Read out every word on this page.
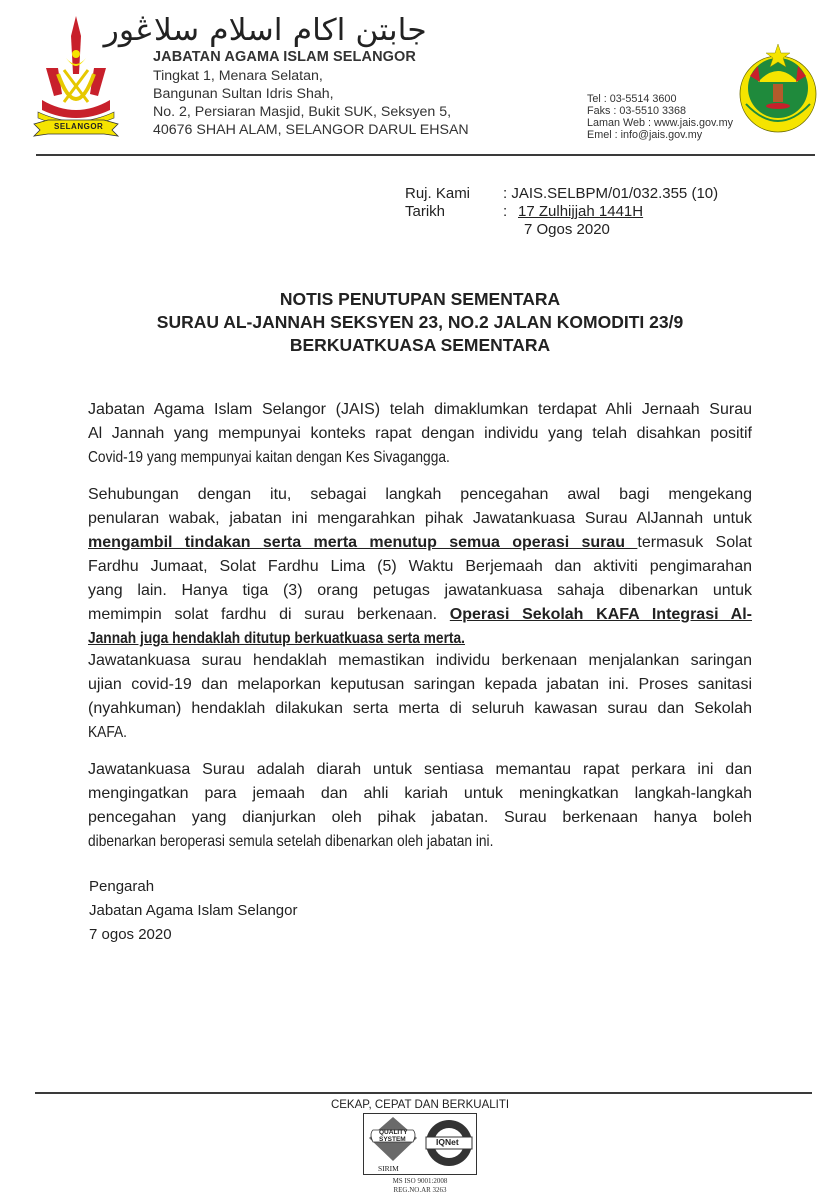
SELANGOR
جابتن اکام اسلام سلاڠور
JABATAN AGAMA ISLAM SELANGOR
Tingkat 1, Menara Selatan,
Bangunan Sultan Idris Shah,
No. 2, Persiaran Masjid, Bukit SUK, Seksyen 5,
40676 SHAH ALAM, SELANGOR DARUL EHSAN
Tel : 03-5514 3600
Faks : 03-5510 3368
Laman Web : www.jais.gov.my
Emel : info@jais.gov.my
Ruj. Kami : JAIS.SELBPM/01/032.355 (10)
Tarikh	: 17 Zulhijjah 1441H
7 Ogos 2020
NOTIS PENUTUPAN SEMENTARA
SURAU AL-JANNAH SEKSYEN 23, NO.2 JALAN KOMODITI 23/9
BERKUATKUASA SEMENTARA
Jabatan Agama Islam Selangor (JAIS) telah dimaklumkan terdapat Ahli Jernaah Surau
Al Jannah yang mempunyai konteks rapat dengan individu yang telah disahkan positif
Covid-19 yang mempunyai kaitan dengan Kes Sivagangga.
Sehubungan dengan itu, sebagai langkah pencegahan awal bagi mengekang
penularan wabak, jabatan ini mengarahkan pihak Jawatankuasa Surau AlJannah untuk
mengambil tindakan serta merta menutup semua operasi surau termasuk Solat
Fardhu Jumaat, Solat Fardhu Lima (5) Waktu Berjemaah dan aktiviti pengimarahan
yang lain. Hanya tiga (3) orang petugas jawatankuasa sahaja dibenarkan untuk
memimpin solat fardhu di surau berkenaan. Operasi Sekolah KAFA Integrasi Al-
Jannah juga hendaklah ditutup berkuatkuasa serta merta.
Jawatankuasa surau hendaklah memastikan individu berkenaan menjalankan saringan
ujian covid-19 dan melaporkan keputusan saringan kepada jabatan ini. Proses sanitasi
(nyahkuman) hendaklah dilakukan serta merta di seluruh kawasan surau dan Sekolah
KAFA.
Jawatankuasa Surau adalah diarah untuk sentiasa memantau rapat perkara ini dan
mengingatkan para jemaah dan ahli kariah untuk meningkatkan langkah-langkah
pencegahan yang dianjurkan oleh pihak jabatan. Surau berkenaan hanya boleh
dibenarkan beroperasi semula setelah dibenarkan oleh jabatan ini.
Pengarah
Jabatan Agama Islam Selangor
7 ogos 2020
CEKAP, CEPAT DAN BERKUALITI
QUALITY
SYSTEM
SIRIM
IQNet
MS ISO 9001:2008
REG.NO.AR 3263
